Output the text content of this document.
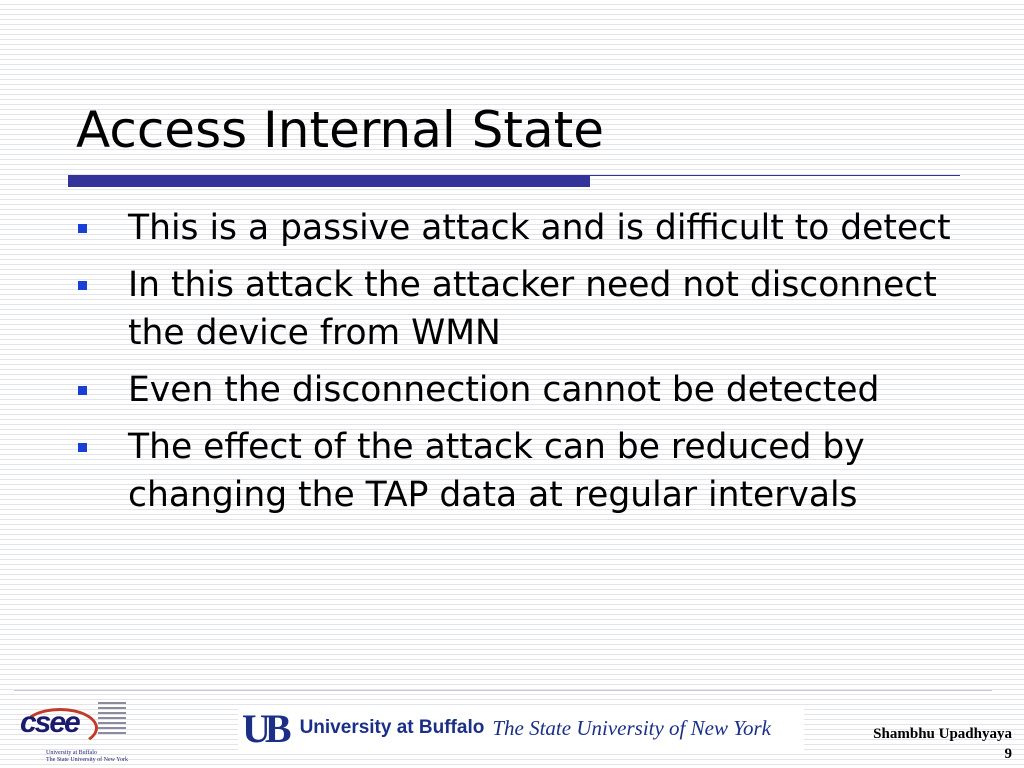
Access Internal State
This is a passive attack and is difficult to detect
In this attack the attacker need not disconnect the device from WMN
Even the disconnection cannot be detected
The effect of the attack can be reduced by changing the TAP data at regular intervals
csee
University at Buffalo
The State University of New York
UB University at Buffalo The State University of New York	Shambhu Upadhyaya
9
